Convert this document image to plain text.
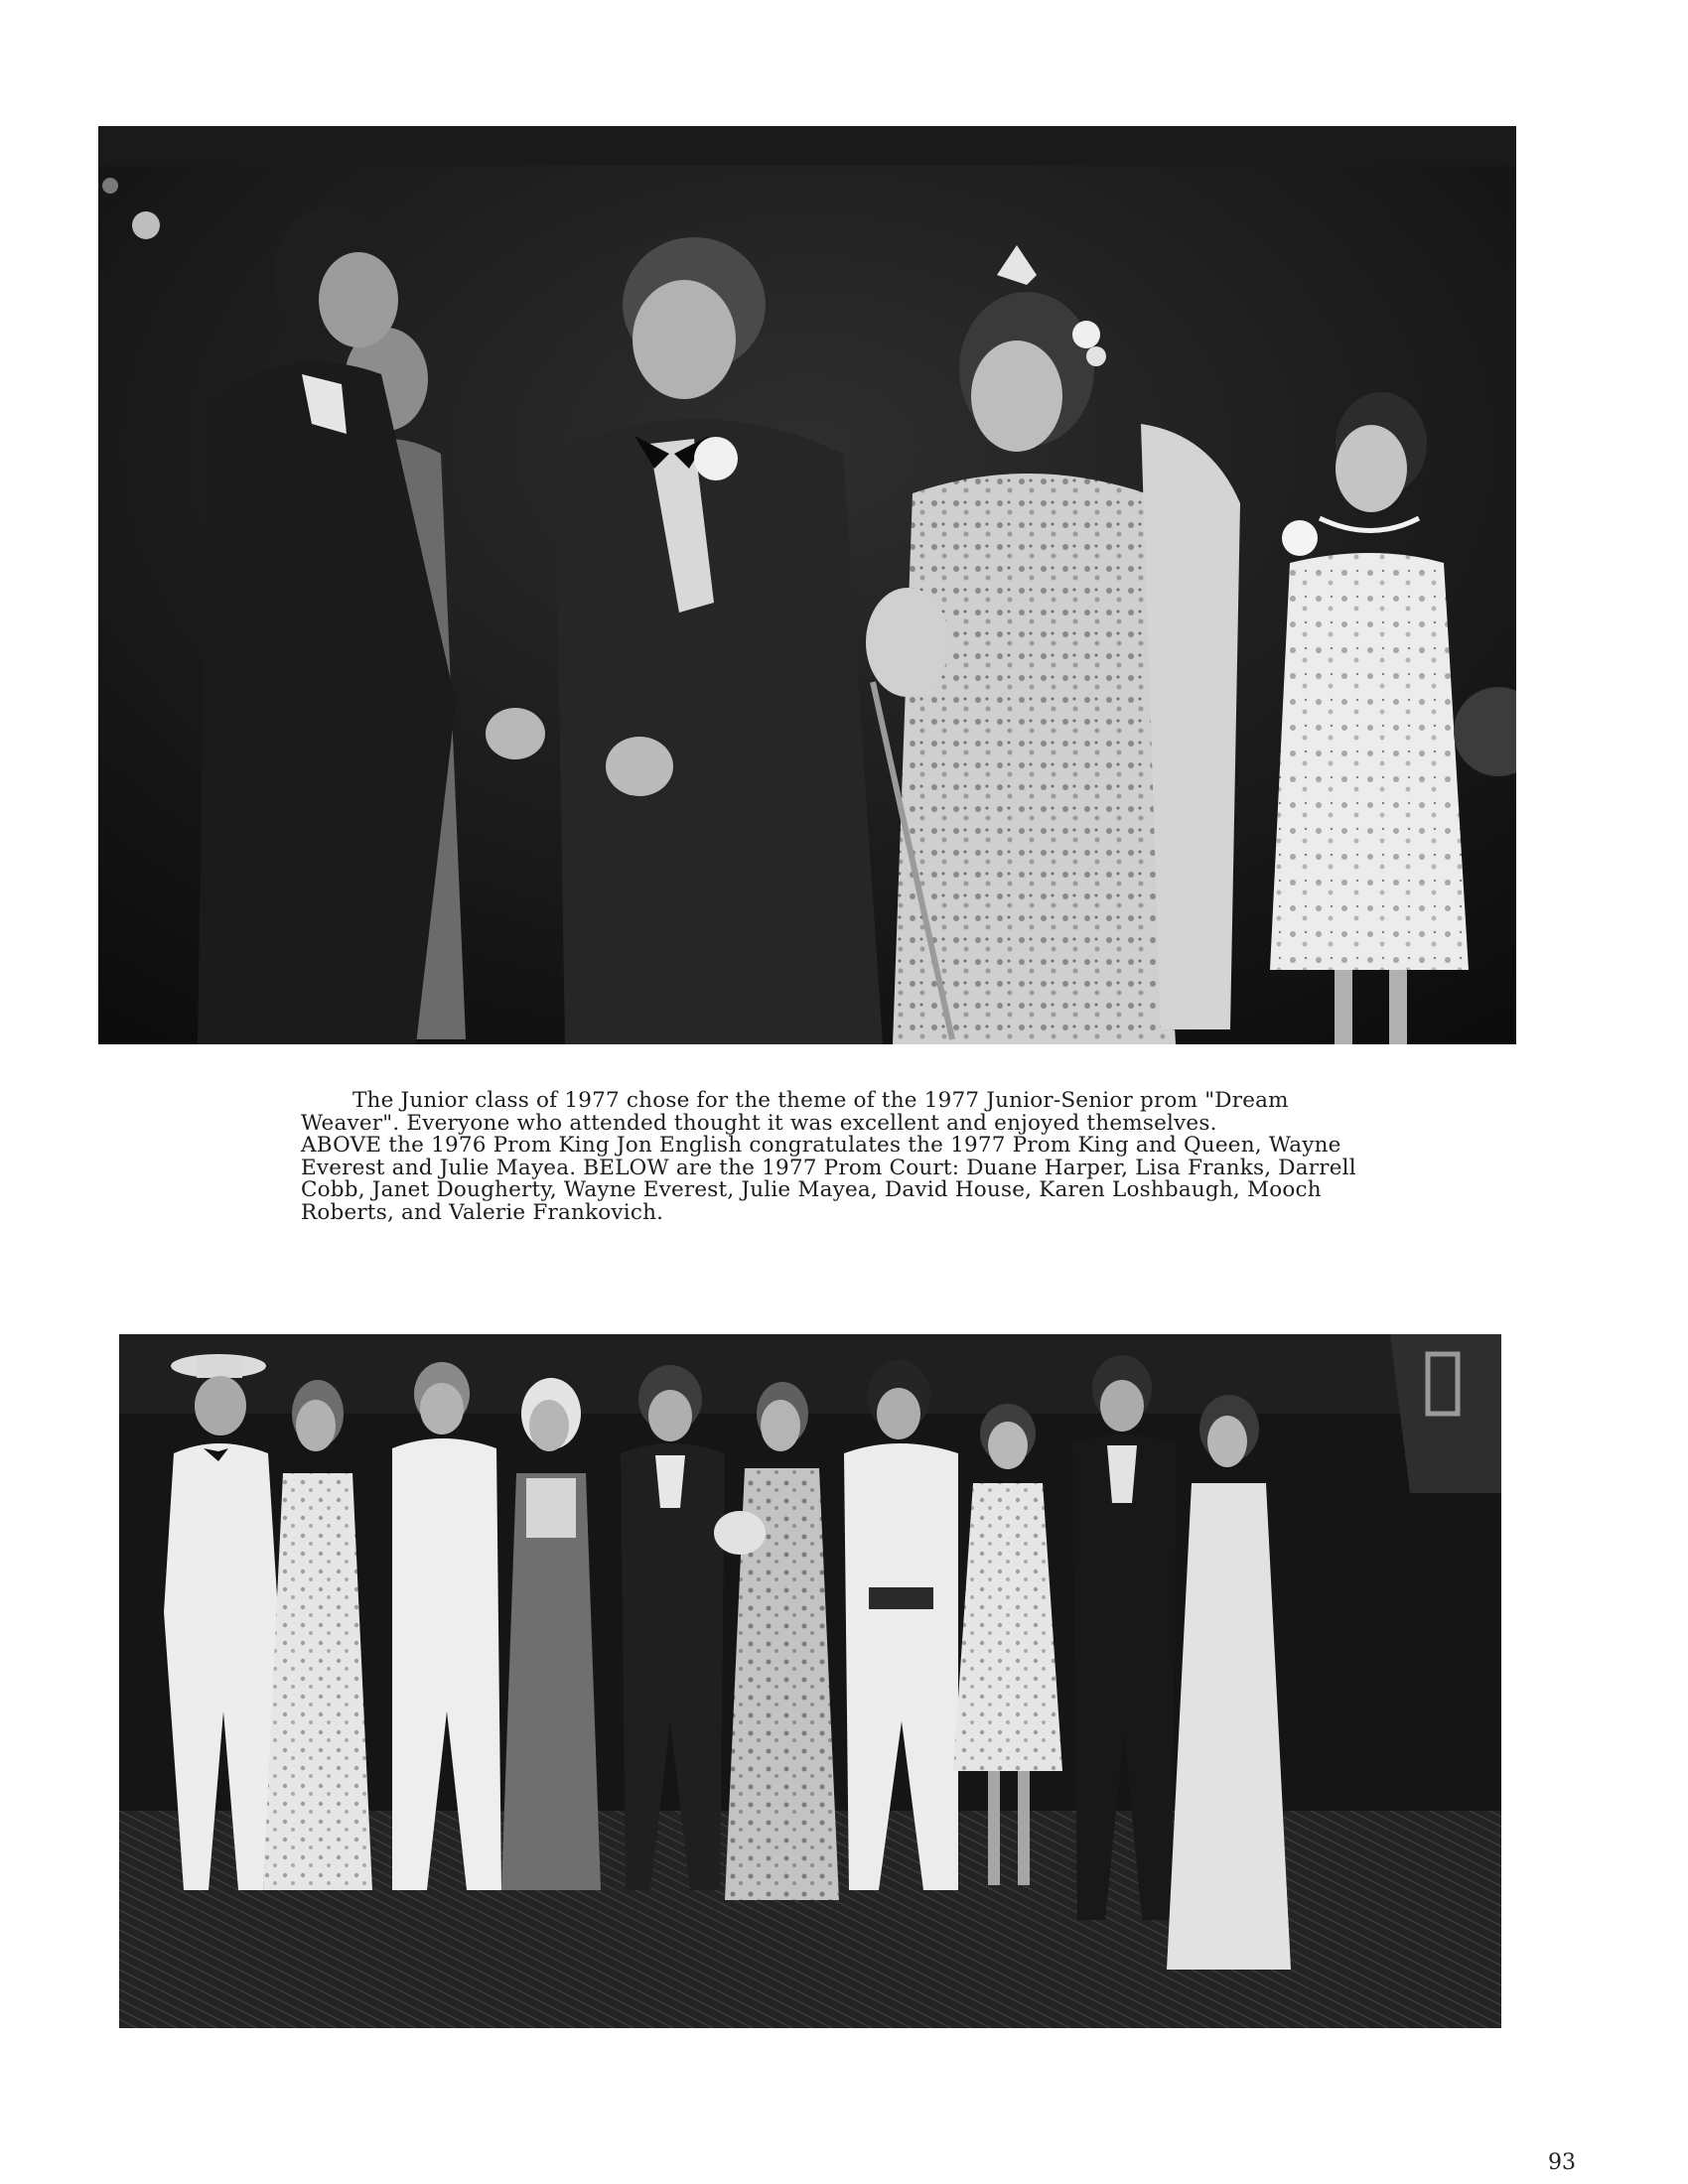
The Junior class of 1977 chose for the theme of the 1977 Junior-Senior prom "Dream Weaver". Everyone who attended thought it was excellent and enjoyed themselves.

ABOVE the 1976 Prom King Jon English congratulates the 1977 Prom King and Queen, Wayne Everest and Julie Mayea. BELOW are the 1977 Prom Court: Duane Harper, Lisa Franks, Darrell Cobb, Janet Dougherty, Wayne Everest, Julie Mayea, David House, Karen Loshbaugh, Mooch Roberts, and Valerie Frankovich.

93
